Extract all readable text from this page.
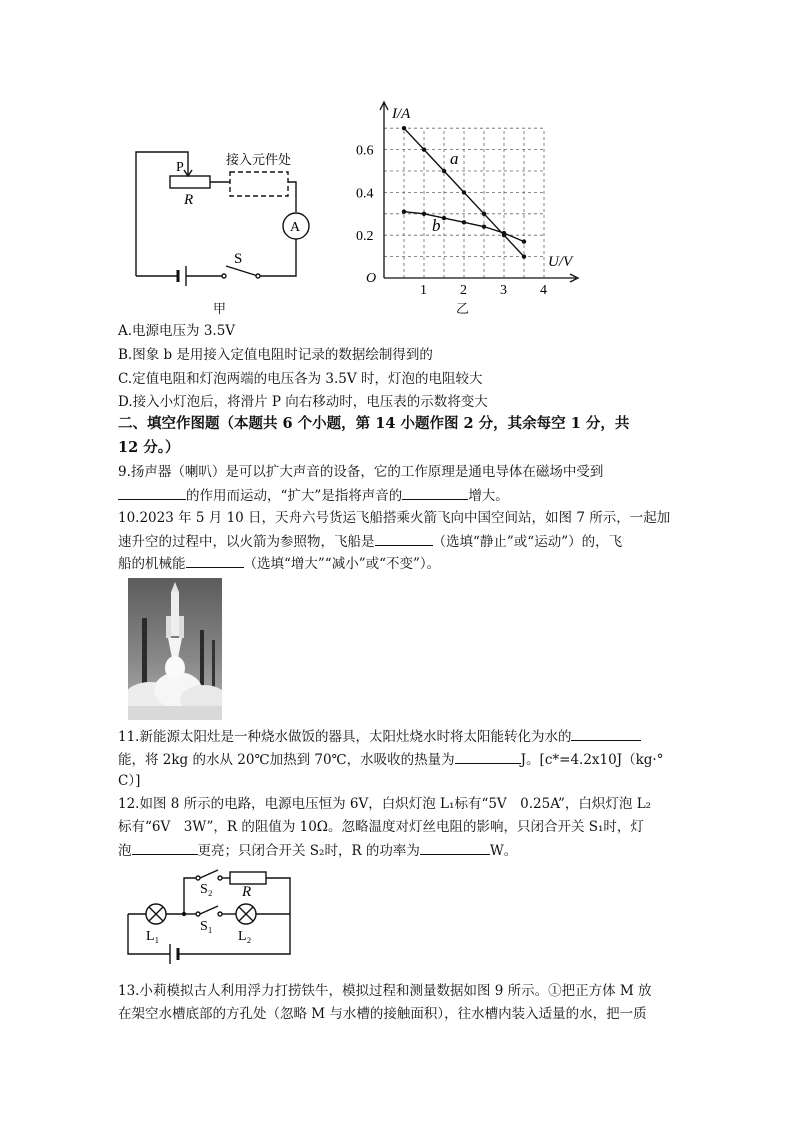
P
R
接入元件处
A
S
甲
0.6
0.4
0.2
1 2 3 4
I/A
U/V
O
a
b
乙
A.电源电压为 3.5V
B.图象 b 是用接入定值电阻时记录的数据绘制得到的
C.定值电阻和灯泡两端的电压各为 3.5V 时，灯泡的电阻较大
D.接入小灯泡后，将滑片 P 向右移动时，电压表的示数将变大
二、填空作图题（本题共 6 个小题，第 14 小题作图 2 分，其余每空 1 分，共
12 分。）
9.扬声器（喇叭）是可以扩大声音的设备，它的工作原理是通电导体在磁场中受到
的作用而运动，“扩大”是指将声音的	增大。
10.2023 年 5 月 10 日，天舟六号货运飞船搭乘火箭飞向中国空间站，如图 7 所示，一起加
速升空的过程中，以火箭为参照物，飞船是	（选填“静止”或“运动”）的，飞
船的机械能	（选填“增大”“减小”或“不变”）。
11.新能源太阳灶是一种烧水做饭的器具，太阳灶烧水时将太阳能转化为水的
能，将 2kg 的水从 20℃加热到 70℃，水吸收的热量为	J。[c*=4.2x10J（kg·°
C）]
12.如图 8 所示的电路，电源电压恒为 6V，白炽灯泡 L₁标有“5V　0.25A”，白炽灯泡 L₂
标有“6V　3W”，R 的阻值为 10Ω。忽略温度对灯丝电阻的影响，只闭合开关 S₁时，灯
泡	更亮；只闭合开关 S₂时，R 的功率为	W。
S₂ R
S₁
L₁	L₂
13.小莉模拟古人利用浮力打捞铁牛，模拟过程和测量数据如图 9 所示。①把正方体 M 放
在架空水槽底部的方孔处（忽略 M 与水槽的接触面积），往水槽内装入适量的水，把一质
